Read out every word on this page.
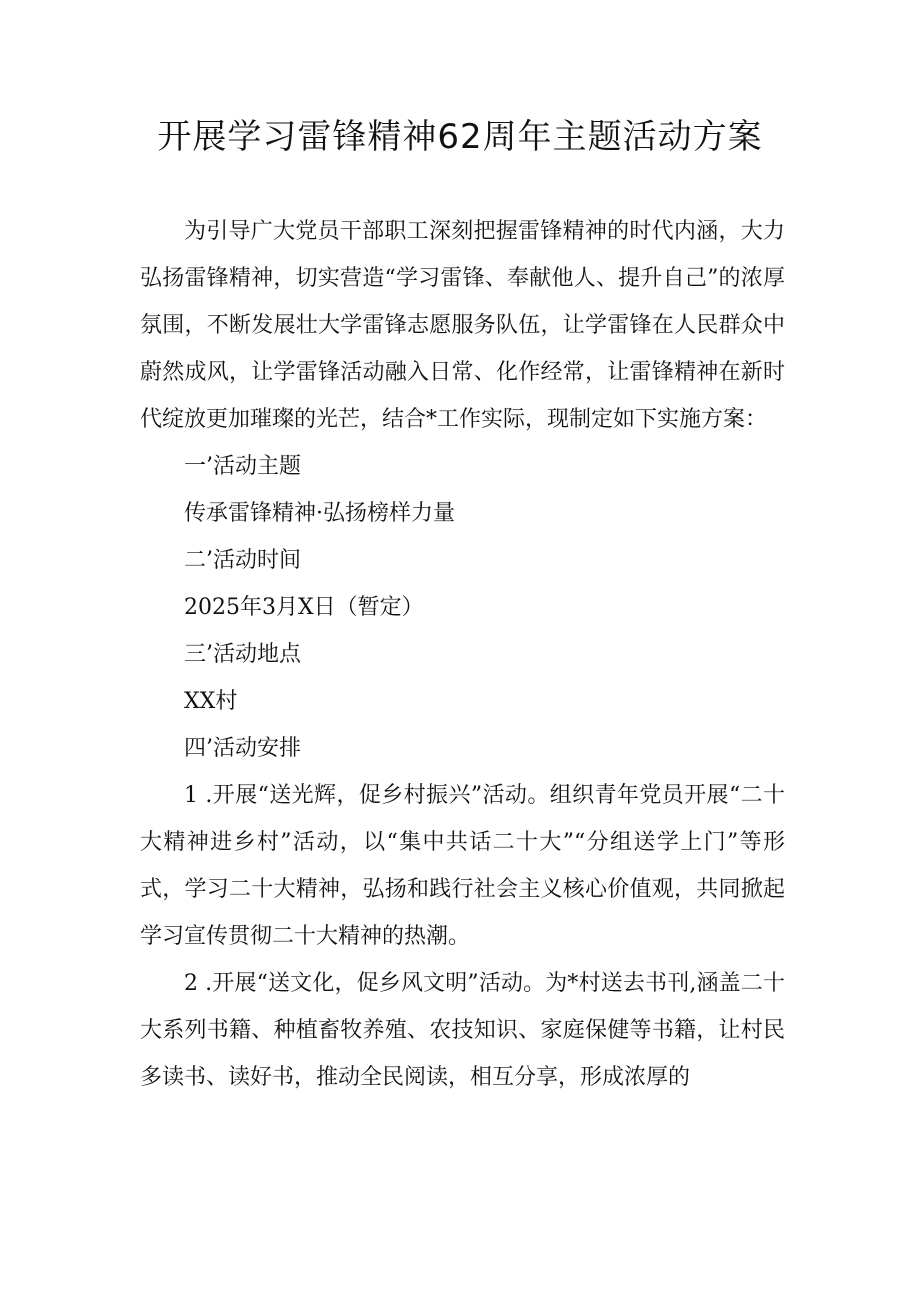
开展学习雷锋精神62周年主题活动方案

为引导广大党员干部职工深刻把握雷锋精神的时代内涵，大力弘扬雷锋精神，切实营造“学习雷锋、奉献他人、提升自己”的浓厚氛围，不断发展壮大学雷锋志愿服务队伍，让学雷锋在人民群众中蔚然成风，让学雷锋活动融入日常、化作经常，让雷锋精神在新时代绽放更加璀璨的光芒，结合*工作实际，现制定如下实施方案：

一’活动主题

传承雷锋精神·弘扬榜样力量

二’活动时间

2025年3月X日（暂定）

三’活动地点

XX村

四’活动安排

1 .开展“送光辉，促乡村振兴”活动。组织青年党员开展“二十大精神进乡村”活动，以“集中共话二十大”“分组送学上门”等形式，学习二十大精神，弘扬和践行社会主义核心价值观，共同掀起学习宣传贯彻二十大精神的热潮。

2 .开展“送文化，促乡风文明”活动。为*村送去书刊,涵盖二十大系列书籍、种植畜牧养殖、农技知识、家庭保健等书籍，让村民多读书、读好书，推动全民阅读，相互分享，形成浓厚的
